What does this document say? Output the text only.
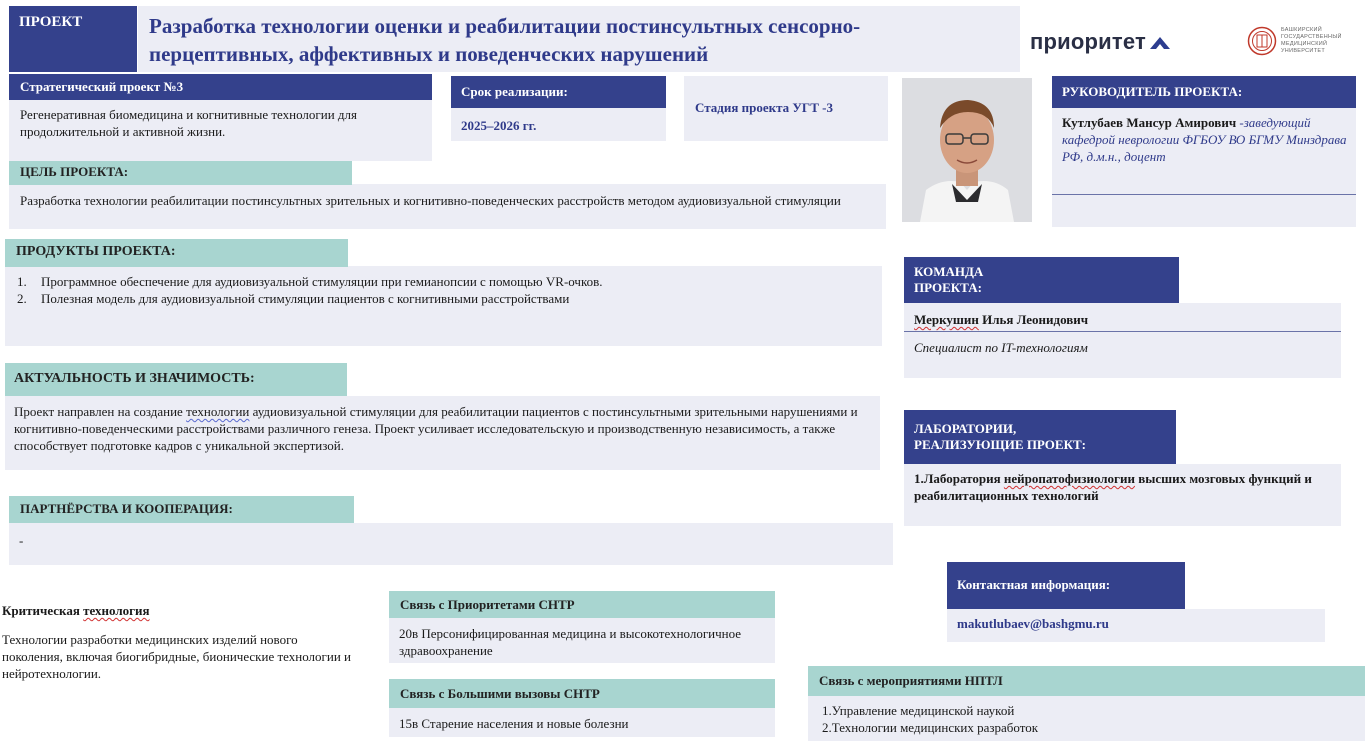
ПРОЕКТ	Разработка технологии оценки и реабилитации постинсультных сенсорно-
перцептивных, аффективных и поведенческих нарушений	приоритет	БАШКИРСКИЙ
ГОСУДАРСТВЕННЫЙ
МЕДИЦИНСКИЙ
УНИВЕРСИТЕТ
Стратегический проект №3
Регенеративная биомедицина и когнитивные технологии для продолжительной и активной жизни.
Срок реализации:
2025–2026 гг.
Стадия проекта УГТ -3
РУКОВОДИТЕЛЬ ПРОЕКТА:
Кутлубаев Мансур Амирович -заведующий кафедрой неврологии ФГБОУ ВО БГМУ Минздрава РФ, д.м.н., доцент
ЦЕЛЬ ПРОЕКТА:
Разработка технологии реабилитации постинсультных зрительных и когнитивно-поведенческих расстройств методом аудиовизуальной стимуляции
ПРОДУКТЫ ПРОЕКТА:
1. Программное обеспечение для аудиовизуальной стимуляции при гемианопсии с помощью VR-очков.
2. Полезная модель для аудиовизуальной стимуляции пациентов с когнитивными расстройствами
КОМАНДА
ПРОЕКТА:
Меркушин Илья Леонидович
Специалист по IT-технологиям
АКТУАЛЬНОСТЬ И ЗНАЧИМОСТЬ:
Проект направлен на создание технологии аудиовизуальной стимуляции для реабилитации пациентов с постинсультными зрительными нарушениями и когнитивно-поведенческими расстройствами различного генеза. Проект усиливает исследовательскую и производственную независимость, а также способствует подготовке кадров с уникальной экспертизой.
ЛАБОРАТОРИИ,
РЕАЛИЗУЮЩИЕ ПРОЕКТ:
1.Лаборатория нейропатофизиологии высших мозговых функций и реабилитационных технологий
ПАРТНЁРСТВА И КООПЕРАЦИЯ:
-
Контактная информация:
makutlubaev@bashgmu.ru
Критическая технология
Технологии разработки медицинских изделий нового поколения, включая биогибридные, бионические технологии и нейротехнологии.
Связь с Приоритетами СНТР
20в Персонифицированная медицина и высокотехнологичное здравоохранение
Связь с Большими вызовы СНТР
15в Старение населения и новые болезни
Связь с мероприятиями НПТЛ
1.Управление медицинской наукой
2.Технологии медицинских разработок
